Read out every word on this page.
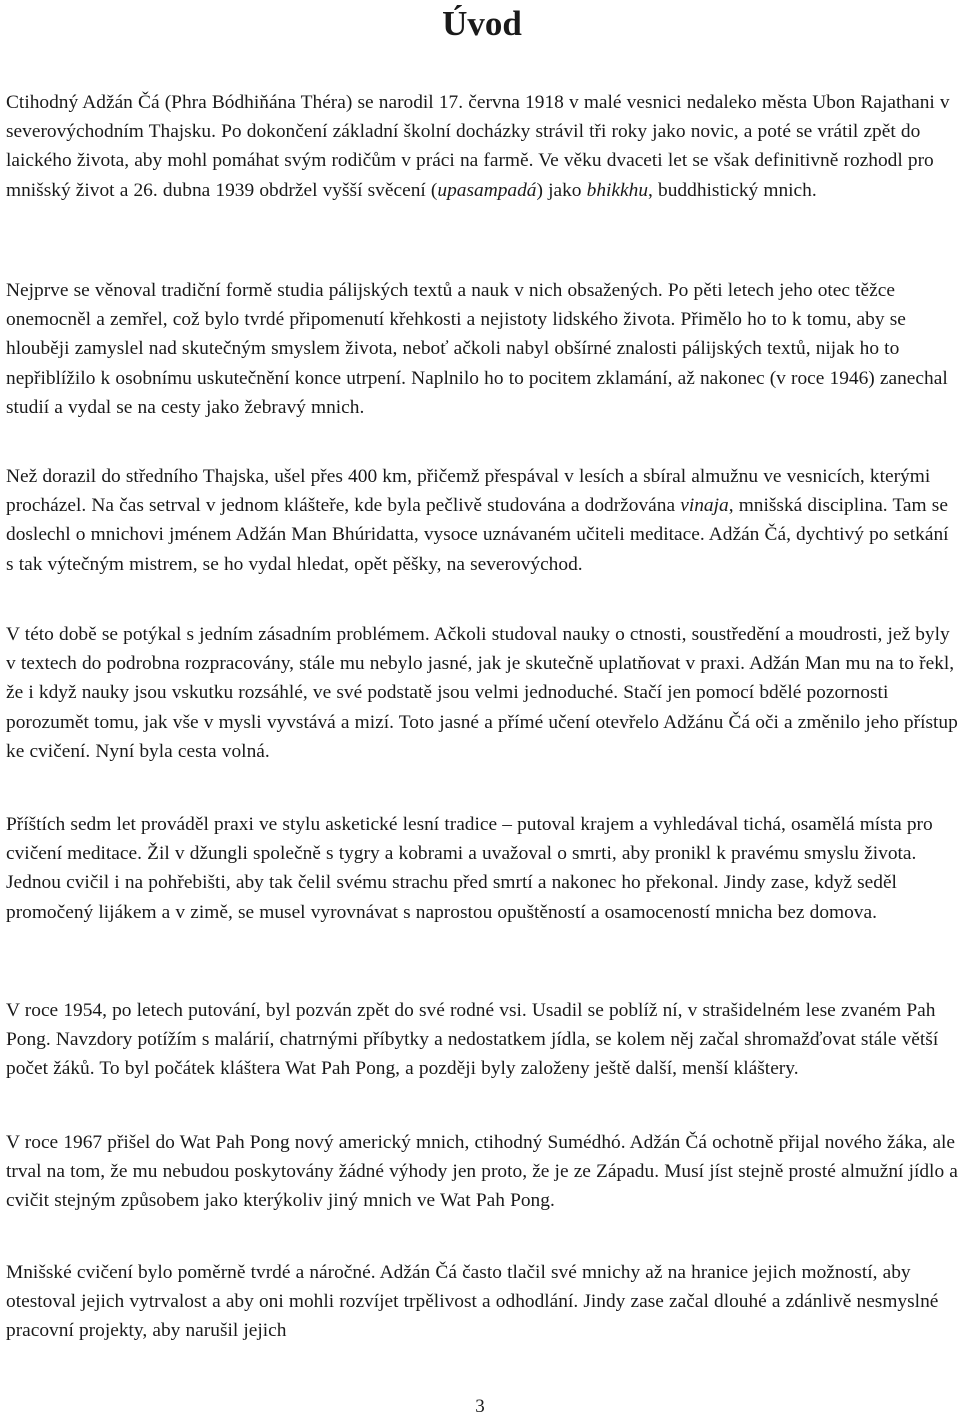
Úvod

Ctihodný Adžán Čá (Phra Bódhiňána Théra) se narodil 17. června 1918 v malé vesnici nedaleko města Ubon Rajathani v severovýchodním Thajsku. Po dokončení základní školní docházky strávil tři roky jako novic, a poté se vrátil zpět do laického života, aby mohl pomáhat svým rodičům v práci na farmě. Ve věku dvaceti let se však definitivně rozhodl pro mnišský život a 26. dubna 1939 obdržel vyšší svěcení (upasampadá) jako bhikkhu, buddhistický mnich.

Nejprve se věnoval tradiční formě studia pálijských textů a nauk v nich obsažených. Po pěti letech jeho otec těžce onemocněl a zemřel, což bylo tvrdé připomenutí křehkosti a nejistoty lidského života. Přimělo ho to k tomu, aby se hlouběji zamyslel nad skutečným smyslem života, neboť ačkoli nabyl obšírné znalosti pálijských textů, nijak ho to nepřiblížilo k osobnímu uskutečnění konce utrpení. Naplnilo ho to pocitem zklamání, až nakonec (v roce 1946) zanechal studií a vydal se na cesty jako žebravý mnich.

Než dorazil do středního Thajska, ušel přes 400 km, přičemž přespával v lesích a sbíral almužnu ve vesnicích, kterými procházel. Na čas setrval v jednom klášteře, kde byla pečlivě studována a dodržována vinaja, mnišská disciplina. Tam se doslechl o mnichovi jménem Adžán Man Bhúridatta, vysoce uznávaném učiteli meditace. Adžán Čá, dychtivý po setkání s tak výtečným mistrem, se ho vydal hledat, opět pěšky, na severovýchod.

V této době se potýkal s jedním zásadním problémem. Ačkoli studoval nauky o ctnosti, soustředění a moudrosti, jež byly v textech do podrobna rozpracovány, stále mu nebylo jasné, jak je skutečně uplatňovat v praxi. Adžán Man mu na to řekl, že i když nauky jsou vskutku rozsáhlé, ve své podstatě jsou velmi jednoduché. Stačí jen pomocí bdělé pozornosti porozumět tomu, jak vše v mysli vyvstává a mizí. Toto jasné a přímé učení otevřelo Adžánu Čá oči a změnilo jeho přístup ke cvičení. Nyní byla cesta volná.

Příštích sedm let prováděl praxi ve stylu asketické lesní tradice – putoval krajem a vyhledával tichá, osamělá místa pro cvičení meditace. Žil v džungli společně s tygry a kobrami a uvažoval o smrti, aby pronikl k pravému smyslu života. Jednou cvičil i na pohřebišti, aby tak čelil svému strachu před smrtí a nakonec ho překonal. Jindy zase, když seděl promočený lijákem a v zimě, se musel vyrovnávat s naprostou opuštěností a osamoceností mnicha bez domova.

V roce 1954, po letech putování, byl pozván zpět do své rodné vsi. Usadil se poblíž ní, v strašidelném lese zvaném Pah Pong. Navzdory potížím s malárií, chatrnými příbytky a nedostatkem jídla, se kolem něj začal shromažďovat stále větší počet žáků. To byl počátek kláštera Wat Pah Pong, a později byly založeny ještě další, menší kláštery.

V roce 1967 přišel do Wat Pah Pong nový americký mnich, ctihodný Sumédhó. Adžán Čá ochotně přijal nového žáka, ale trval na tom, že mu nebudou poskytovány žádné výhody jen proto, že je ze Západu. Musí jíst stejně prosté almužní jídlo a cvičit stejným způsobem jako kterýkoliv jiný mnich ve Wat Pah Pong.

Mnišské cvičení bylo poměrně tvrdé a náročné. Adžán Čá často tlačil své mnichy až na hranice jejich možností, aby otestoval jejich vytrvalost a aby oni mohli rozvíjet trpělivost a odhodlání. Jindy zase začal dlouhé a zdánlivě nesmyslné pracovní projekty, aby narušil jejich

3
